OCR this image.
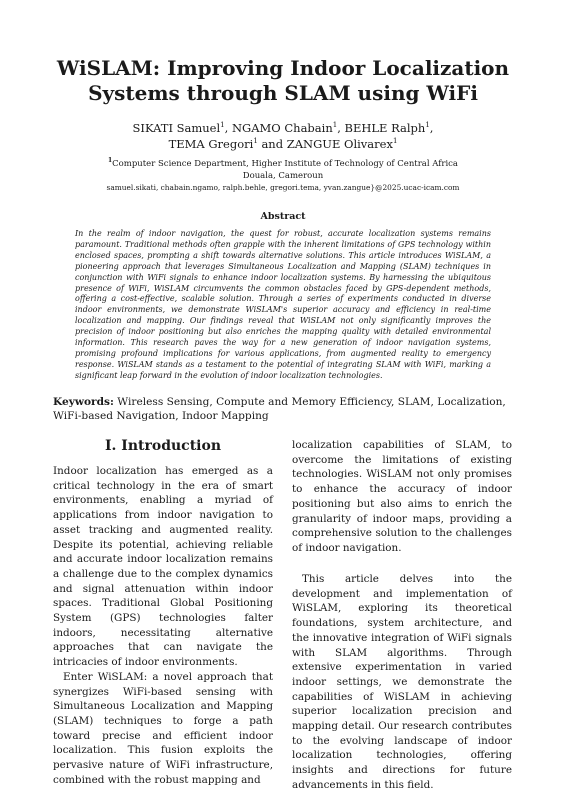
WiSLAM: Improving Indoor Localization Systems through SLAM using WiFi
SIKATI Samuel$^1$, NGAMO Chabain$^1$, BEHLE Ralph$^1$,
TEMA Gregori$^1$ and ZANGUE Olivarex$^1$
$^1$Computer Science Department, Higher Institute of Technology of Central Africa
Douala, Cameroun
samuel.sikati, chabain.ngamo, ralph.behle, gregori.tema, yvan.zangue}@2025.ucac-icam.com
Abstract

In the realm of indoor navigation, the quest for robust, accurate localization systems remains paramount. Traditional methods often grapple with the inherent limitations of GPS technology within enclosed spaces, prompting a shift towards alternative solutions. This article introduces WiSLAM, a pioneering approach that leverages Simultaneous Localization and Mapping (SLAM) techniques in conjunction with WiFi signals to enhance indoor localization systems. By harnessing the ubiquitous presence of WiFi, WiSLAM circumvents the common obstacles faced by GPS-dependent methods, offering a cost-effective, scalable solution. Through a series of experiments conducted in diverse indoor environments, we demonstrate WiSLAM's superior accuracy and efficiency in real-time localization and mapping. Our findings reveal that WiSLAM not only significantly improves the precision of indoor positioning but also enriches the mapping quality with detailed environmental information. This research paves the way for a new generation of indoor navigation systems, promising profound implications for various applications, from augmented reality to emergency response. WiSLAM stands as a testament to the potential of integrating SLAM with WiFi, marking a significant leap forward in the evolution of indoor localization technologies.

Keywords: Wireless Sensing, Compute and Memory Efficiency, SLAM, Localization, WiFi-based Navigation, Indoor Mapping

I. Introduction

Indoor localization has emerged as a critical technology in the era of smart environments, enabling a myriad of applications from indoor navigation to asset tracking and augmented reality. Despite its potential, achieving reliable and accurate indoor localization remains a challenge due to the complex dynamics and signal attenuation within indoor spaces. Traditional Global Positioning System (GPS) technologies falter indoors, necessitating alternative approaches that can navigate the intricacies of indoor environments.

Enter WiSLAM: a novel approach that synergizes WiFi-based sensing with Simultaneous Localization and Mapping (SLAM) techniques to forge a path toward precise and efficient indoor localization. This fusion exploits the pervasive nature of WiFi infrastructure, combined with the robust mapping and

localization capabilities of SLAM, to overcome the limitations of existing technologies. WiSLAM not only promises to enhance the accuracy of indoor positioning but also aims to enrich the granularity of indoor maps, providing a comprehensive solution to the challenges of indoor navigation.

This article delves into the development and implementation of WiSLAM, exploring its theoretical foundations, system architecture, and the innovative integration of WiFi signals with SLAM algorithms. Through extensive experimentation in varied indoor settings, we demonstrate the capabilities of WiSLAM in achieving superior localization precision and mapping detail. Our research contributes to the evolving landscape of indoor localization technologies, offering insights and directions for future advancements in this field.
